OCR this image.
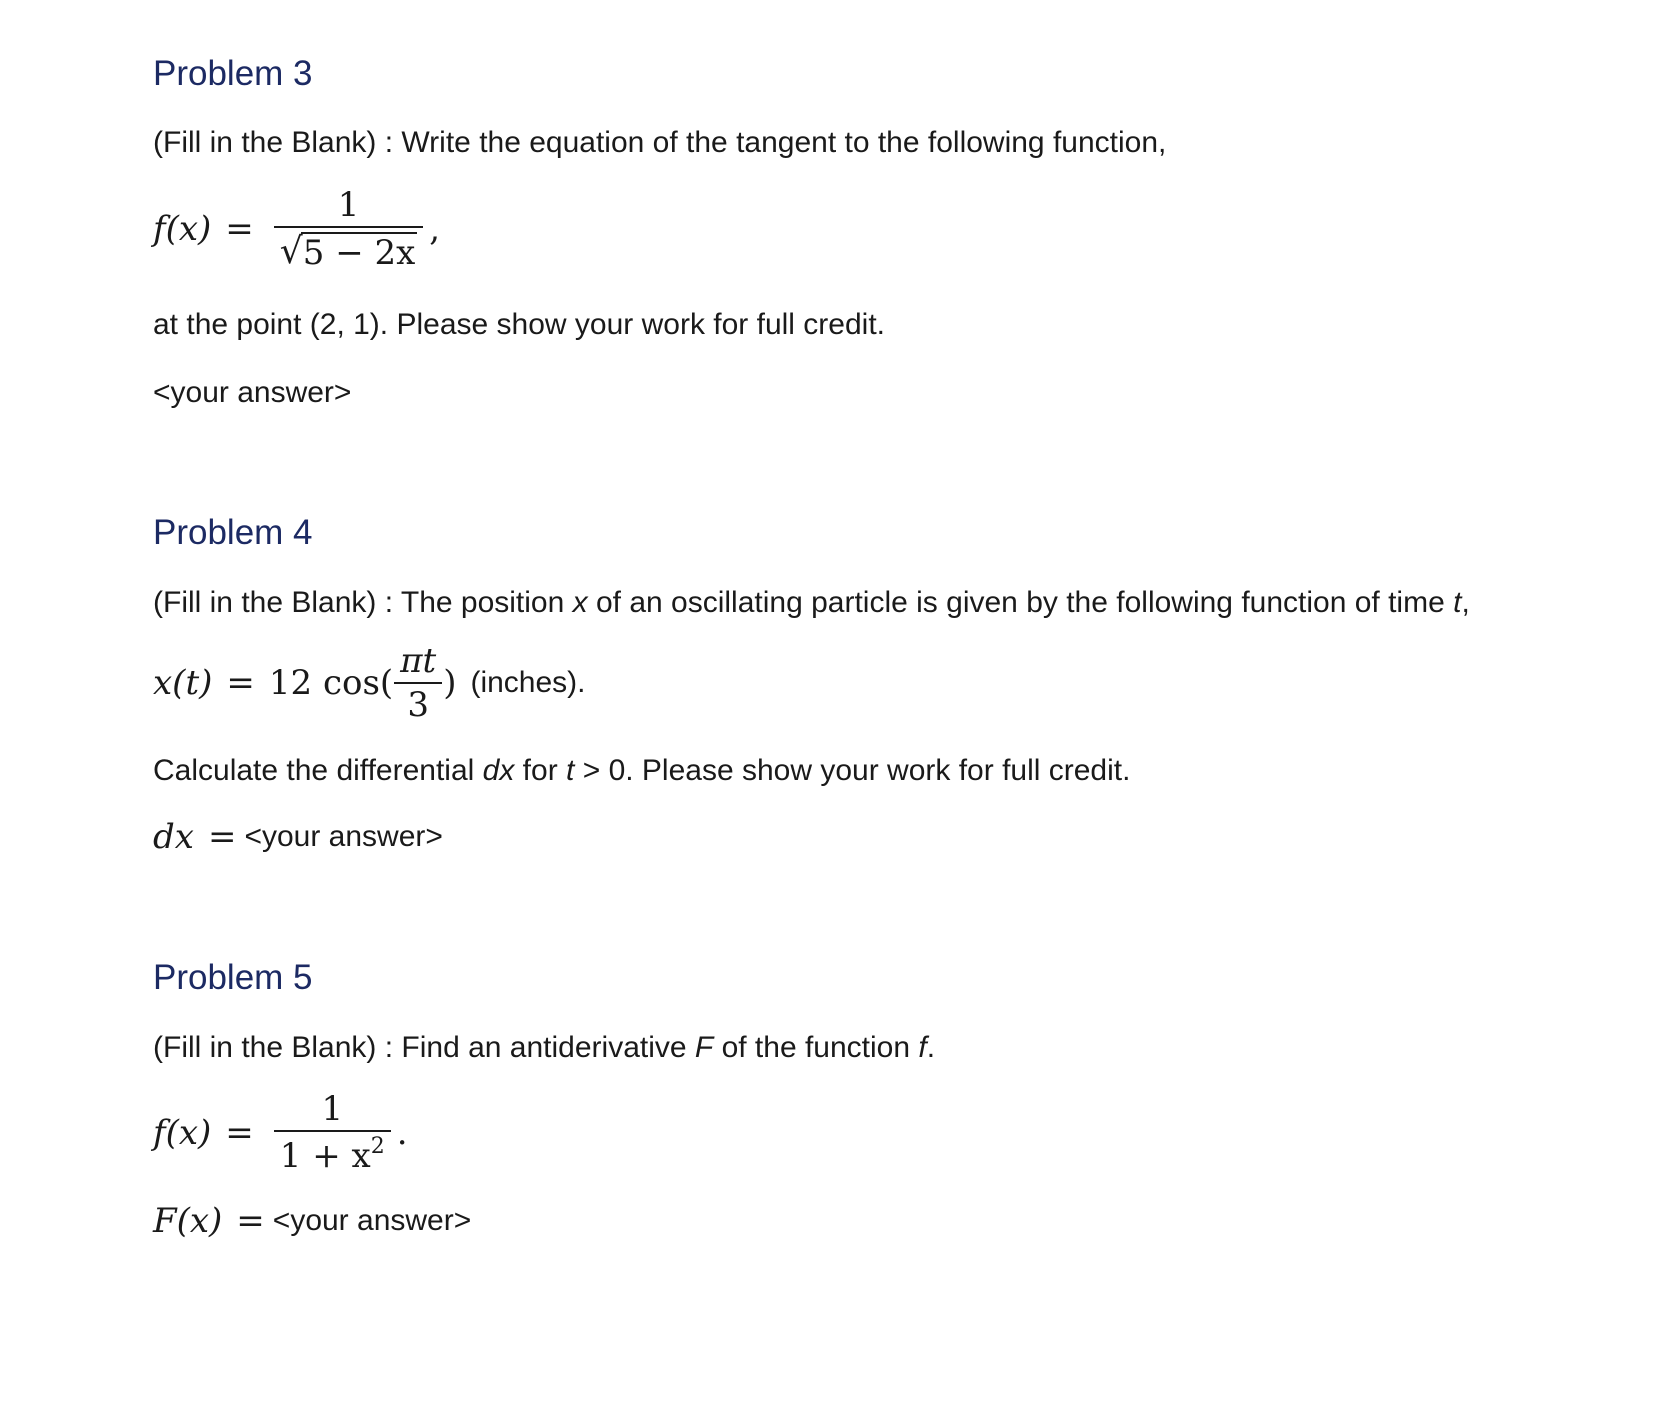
Problem 3

(Fill in the Blank) : Write the equation of the tangent to the following function,

$f(x) = \frac{1}{√ 5 - 2x}$ ,

at the point (2, 1). Please show your work for full credit.

<your answer>

Problem 4

(Fill in the Blank) : The position x of an oscillating particle is given by the following function of time t,

x(t) = 12 $\cos( \frac{\pi t}{3}$ ) (inches).

Calculate the differential dx for t > 0. Please show your work for full credit.

dx = <your answer>
Problem 5

(Fill in the Blank) : Find an antiderivative F of the function f.

$f(x) = \frac{1}{1 + x^2}$ .
F(x) = <your answer>
